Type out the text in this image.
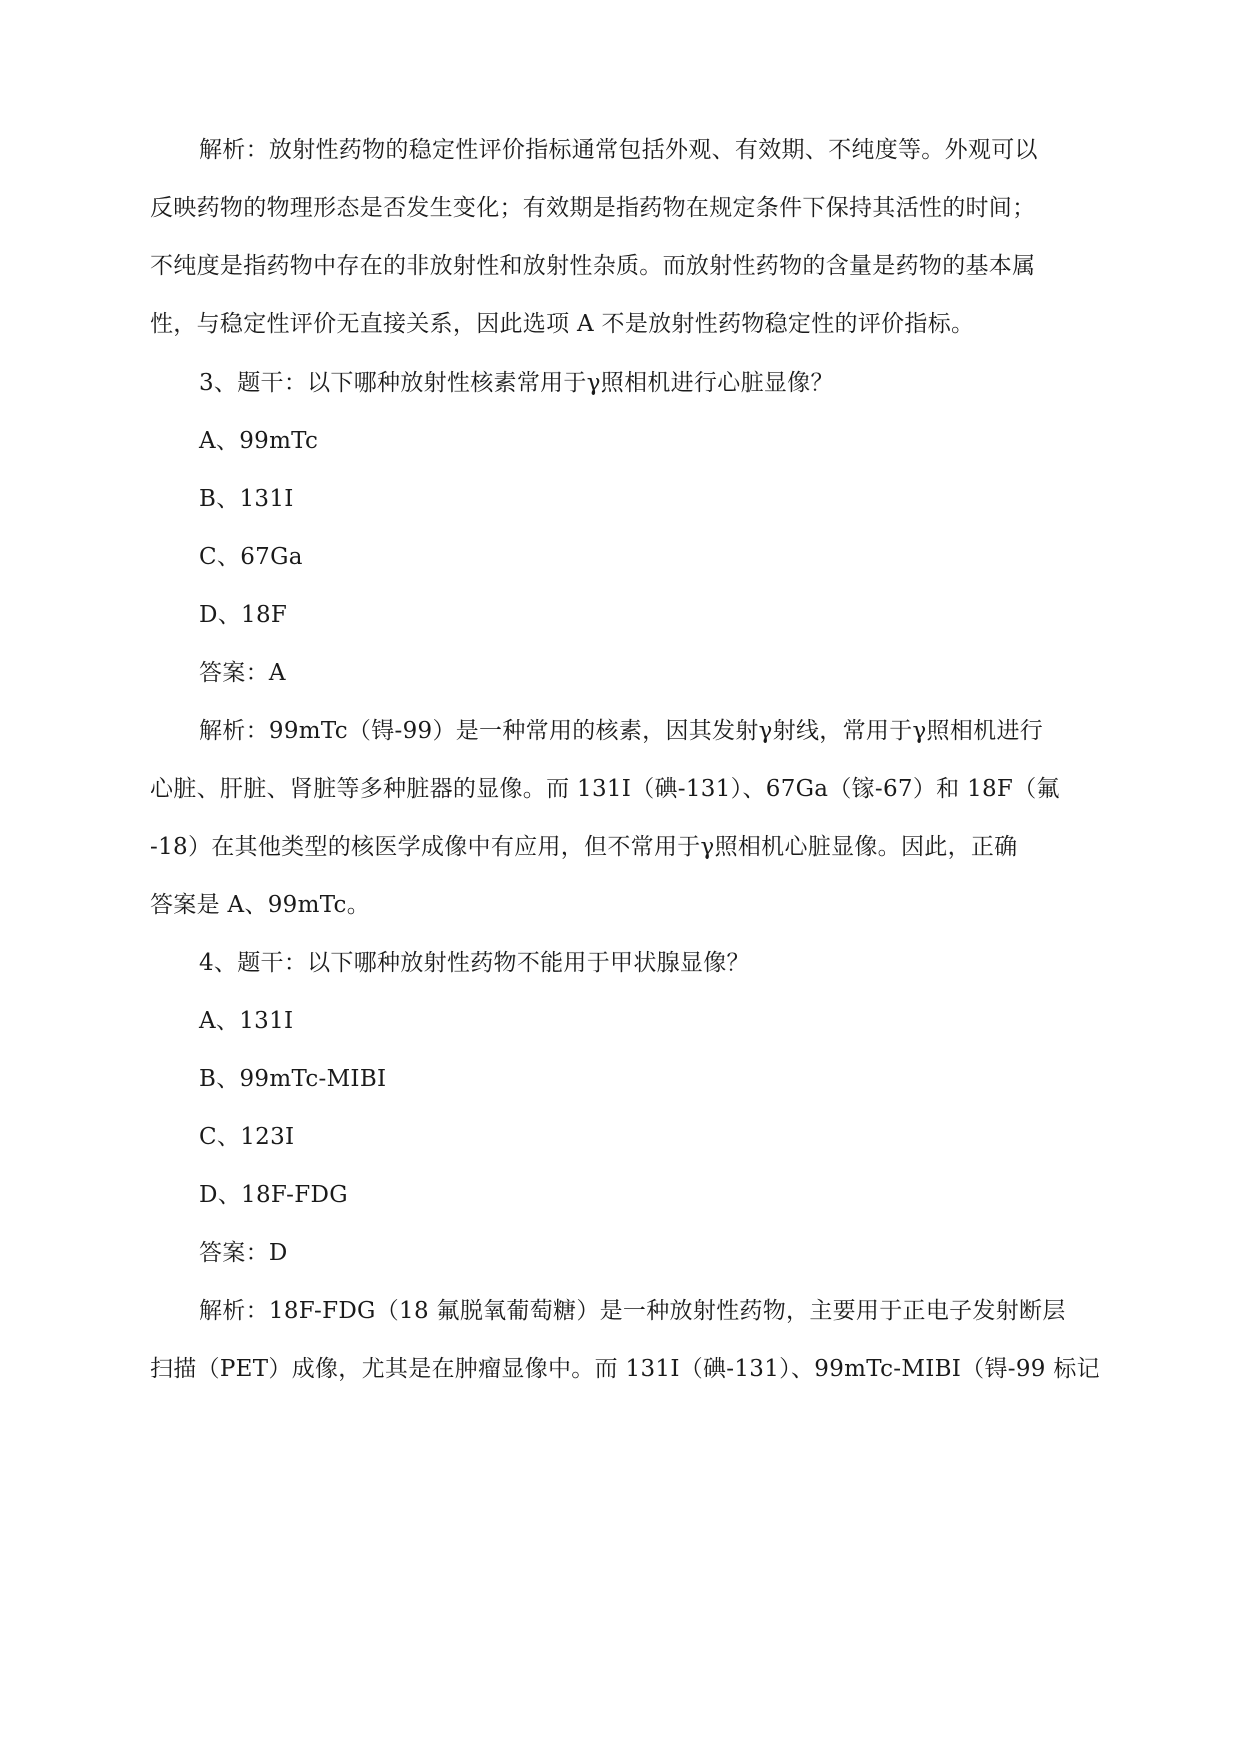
解析：放射性药物的稳定性评价指标通常包括外观、有效期、不纯度等。外观可以
反映药物的物理形态是否发生变化；有效期是指药物在规定条件下保持其活性的时间；
不纯度是指药物中存在的非放射性和放射性杂质。而放射性药物的含量是药物的基本属
性，与稳定性评价无直接关系，因此选项 A 不是放射性药物稳定性的评价指标。
3、题干：以下哪种放射性核素常用于γ照相机进行心脏显像？
A、99mTc
B、131I
C、67Ga
D、18F
答案：A
解析：99mTc（锝-99）是一种常用的核素，因其发射γ射线，常用于γ照相机进行
心脏、肝脏、肾脏等多种脏器的显像。而 131I（碘-131）、67Ga（镓-67）和 18F（氟
-18）在其他类型的核医学成像中有应用，但不常用于γ照相机心脏显像。因此，正确
答案是 A、99mTc。
4、题干：以下哪种放射性药物不能用于甲状腺显像？
A、131I
B、99mTc-MIBI
C、123I
D、18F-FDG
答案：D
解析：18F-FDG（18 氟脱氧葡萄糖）是一种放射性药物，主要用于正电子发射断层
扫描（PET）成像，尤其是在肿瘤显像中。而 131I（碘-131）、99mTc-MIBI（锝-99 标记
